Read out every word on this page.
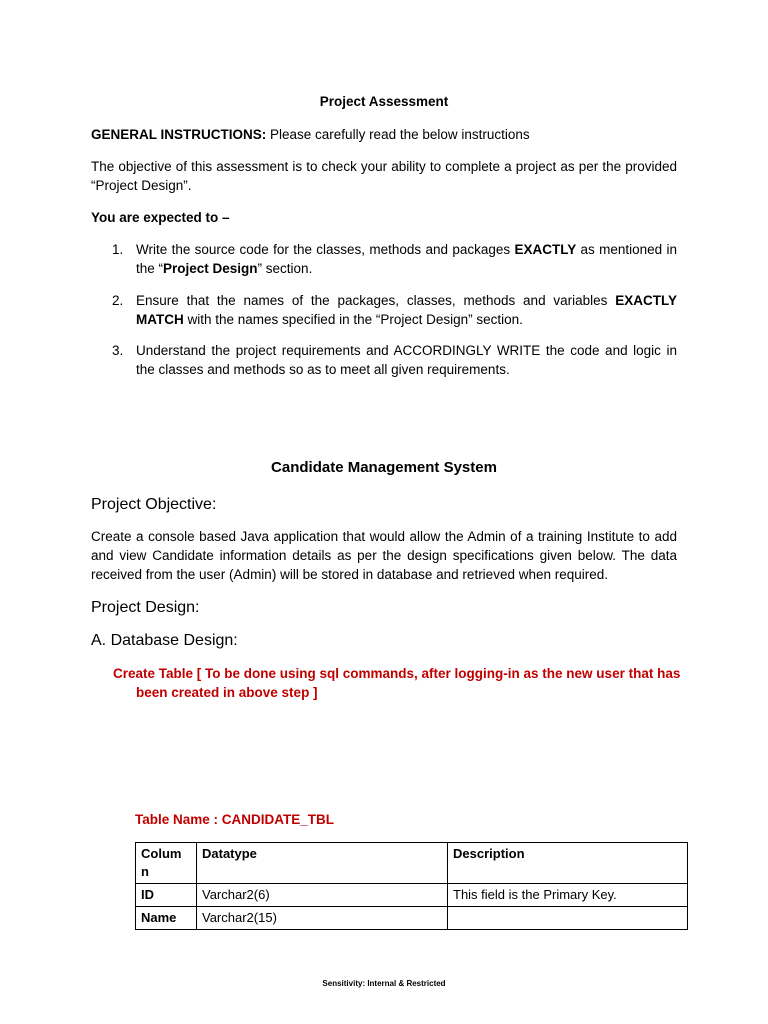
Project Assessment
GENERAL INSTRUCTIONS: Please carefully read the below instructions
The objective of this assessment is to check your ability to complete a project as per the provided “Project Design”.
You are expected to –
1. Write the source code for the classes, methods and packages EXACTLY as mentioned in the “Project Design” section.
2. Ensure that the names of the packages, classes, methods and variables EXACTLY MATCH with the names specified in the “Project Design” section.
3. Understand the project requirements and ACCORDINGLY WRITE the code and logic in the classes and methods so as to meet all given requirements.
Candidate Management System
Project Objective:
Create a console based Java application that would allow the Admin of a training Institute to add and view Candidate information details as per the design specifications given below. The data received from the user (Admin) will be stored in database and retrieved when required.
Project Design:
A. Database Design:
Create Table [ To be done using sql commands, after logging-in as the new user that has
been created in above step ]
Table Name : CANDIDATE_TBL
Colum
n	Datatype	Description
ID	Varchar2(6)	This field is the Primary Key.
Name	Varchar2(15)	
Sensitivity: Internal & Restricted
